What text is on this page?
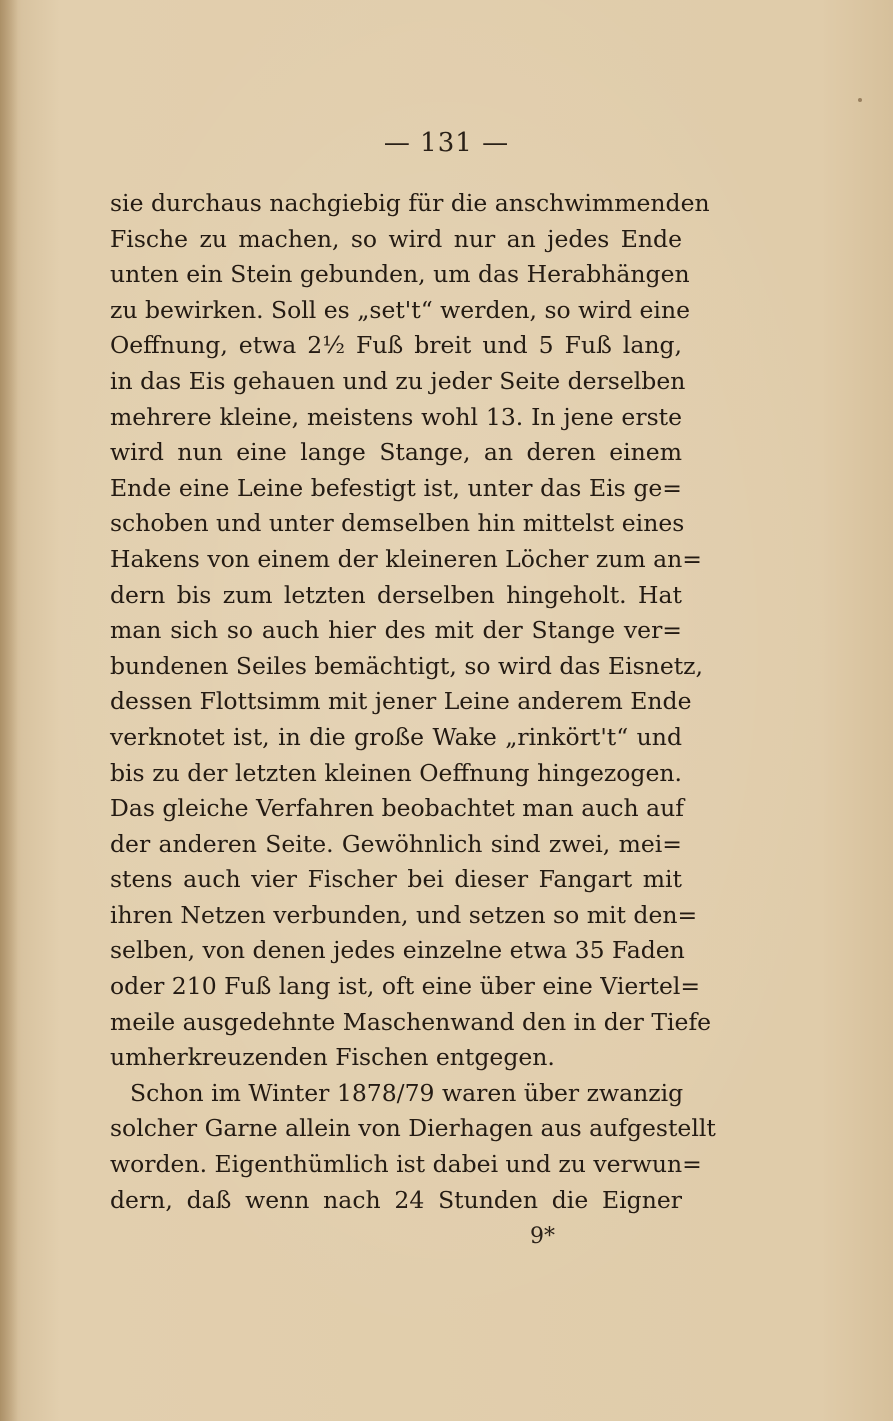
— 131 —
sie durchaus nachgiebig für die anschwimmenden
Fische zu machen, so wird nur an jedes Ende
unten ein Stein gebunden, um das Herabhängen
zu bewirken. Soll es „set't“ werden, so wird eine
Oeffnung, etwa 2½ Fuß breit und 5 Fuß lang,
in das Eis gehauen und zu jeder Seite derselben
mehrere kleine, meistens wohl 13. In jene erste
wird nun eine lange Stange, an deren einem
Ende eine Leine befestigt ist, unter das Eis ge=
schoben und unter demselben hin mittelst eines
Hakens von einem der kleineren Löcher zum an=
dern bis zum letzten derselben hingeholt. Hat
man sich so auch hier des mit der Stange ver=
bundenen Seiles bemächtigt, so wird das Eisnetz,
dessen Flottsimm mit jener Leine anderem Ende
verknotet ist, in die große Wake „rinkört't“ und
bis zu der letzten kleinen Oeffnung hingezogen.
Das gleiche Verfahren beobachtet man auch auf
der anderen Seite. Gewöhnlich sind zwei, mei=
stens auch vier Fischer bei dieser Fangart mit
ihren Netzen verbunden, und setzen so mit den=
selben, von denen jedes einzelne etwa 35 Faden
oder 210 Fuß lang ist, oft eine über eine Viertel=
meile ausgedehnte Maschenwand den in der Tiefe
umherkreuzenden Fischen entgegen.
Schon im Winter 1878/79 waren über zwanzig
solcher Garne allein von Dierhagen aus aufgestellt
worden. Eigenthümlich ist dabei und zu verwun=
dern, daß wenn nach 24 Stunden die Eigner
9*
